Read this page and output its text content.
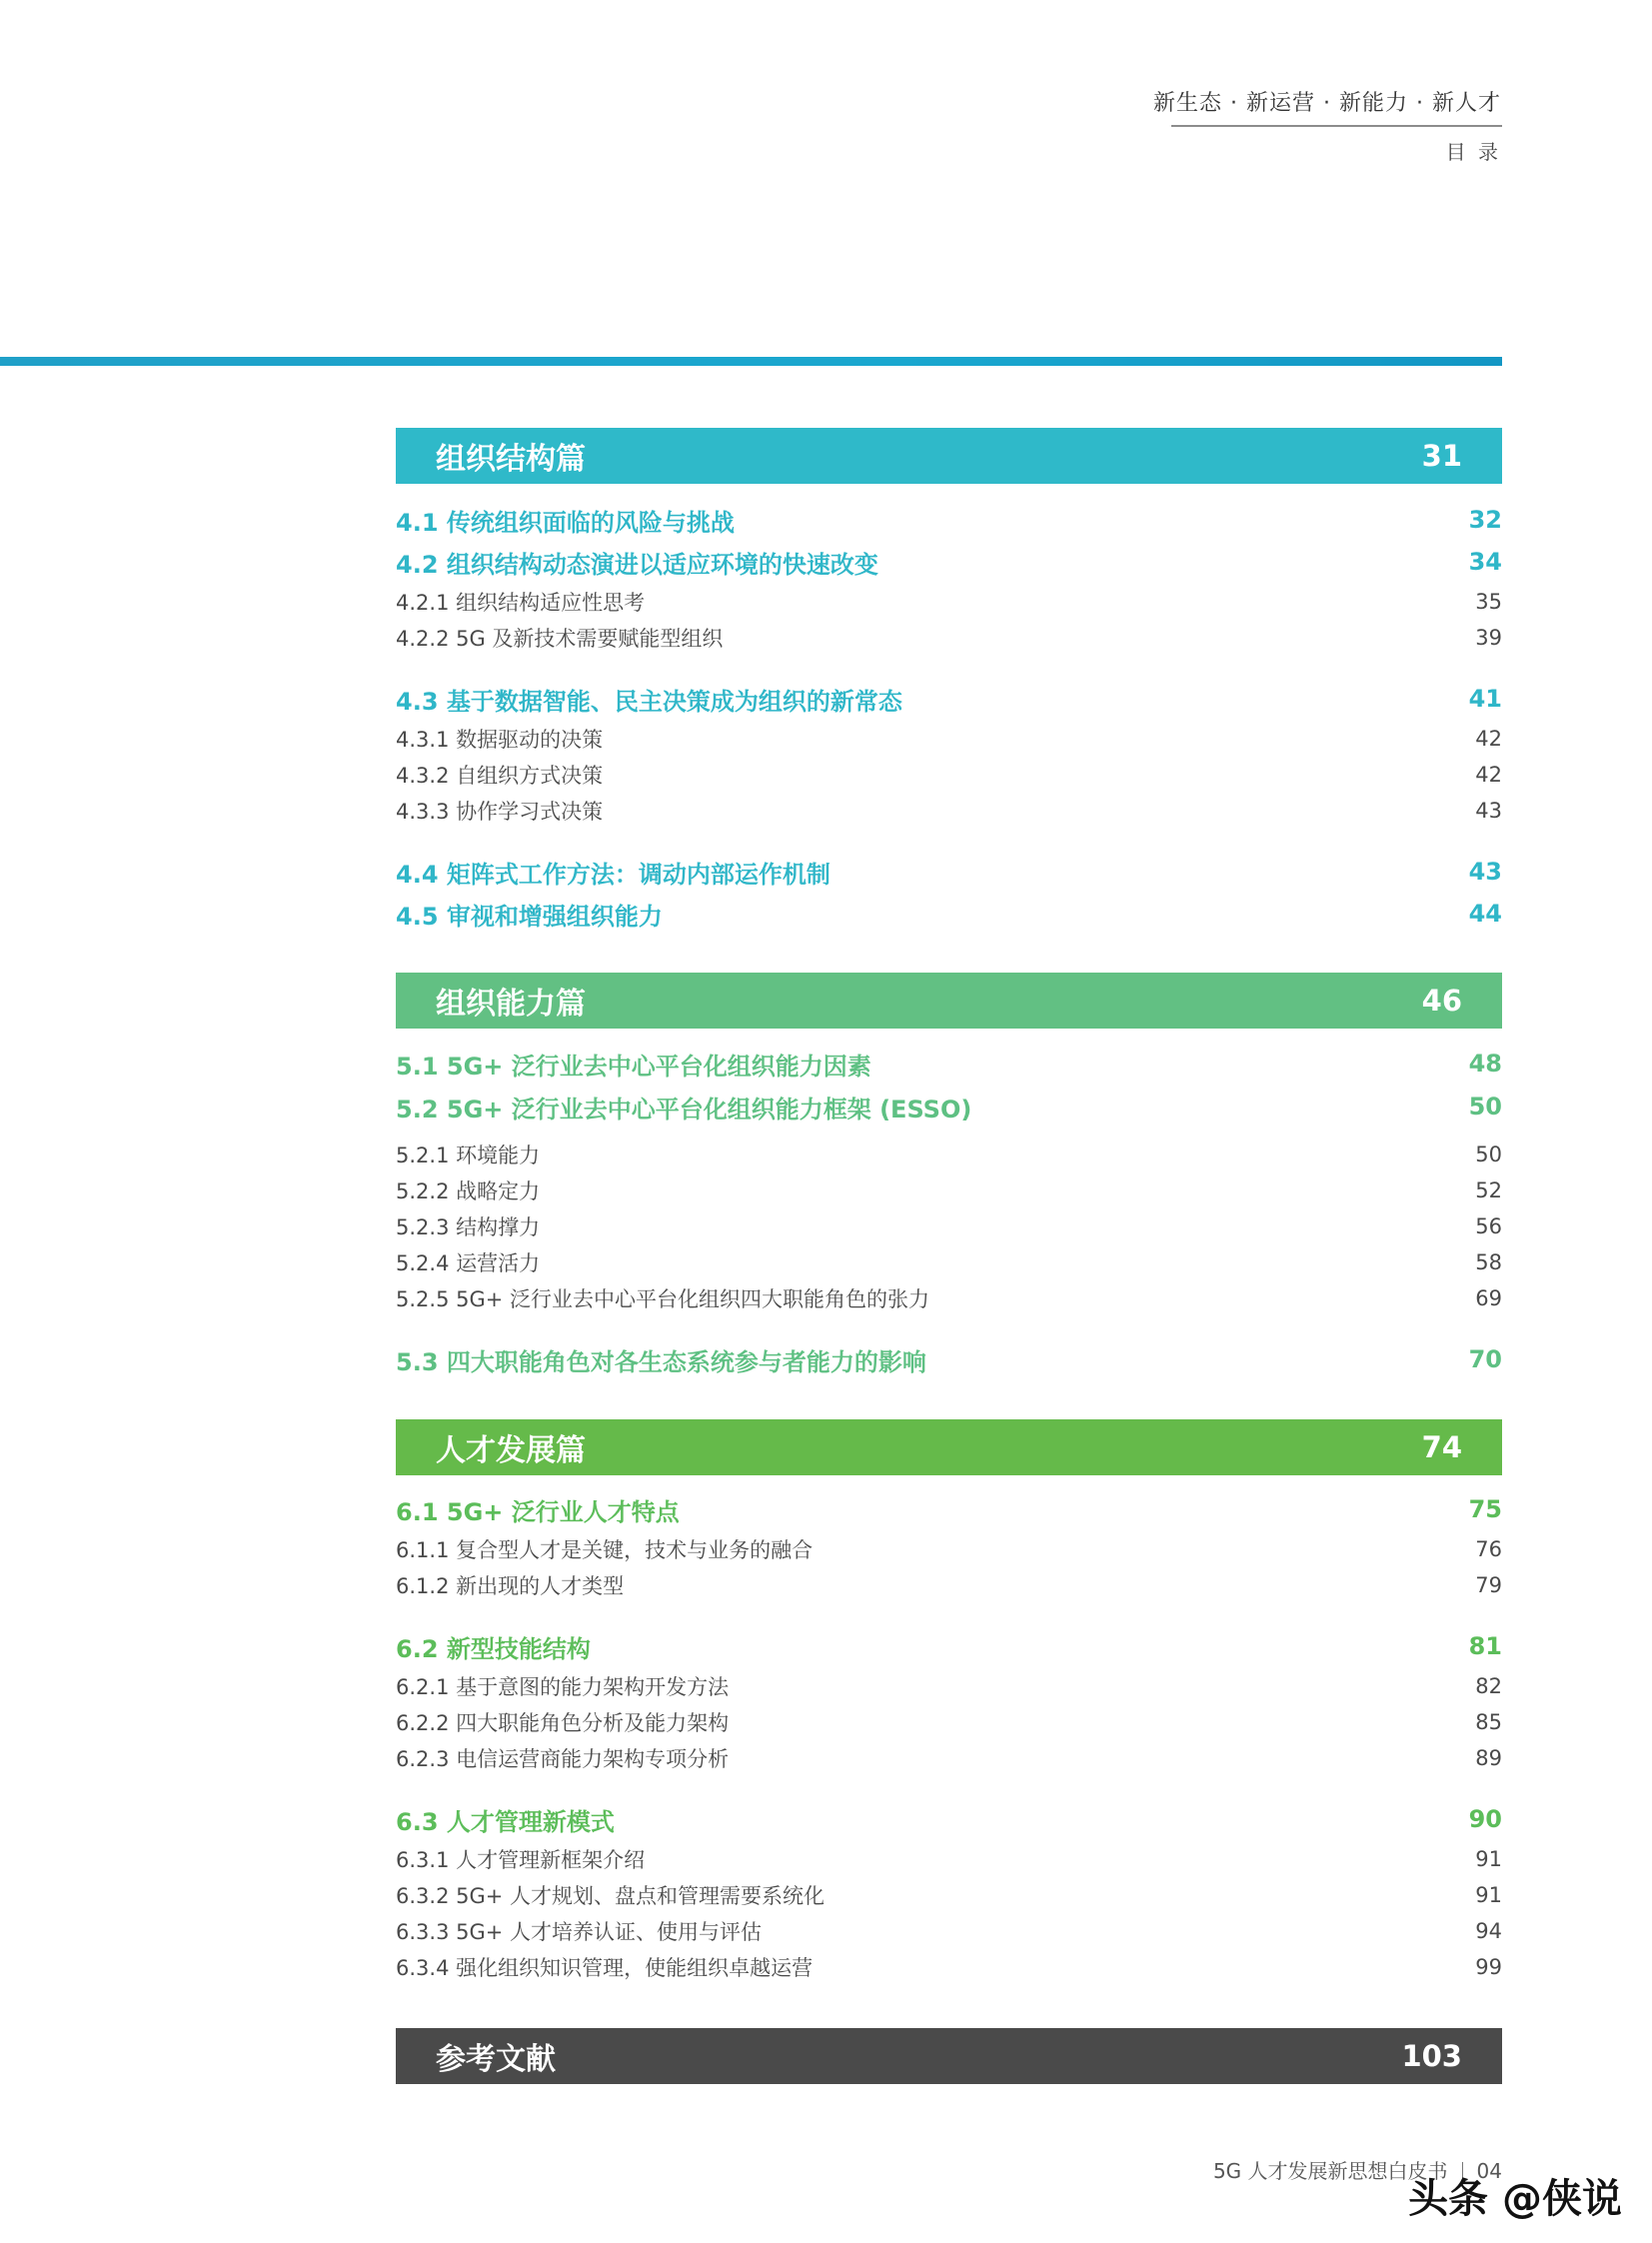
新生态 · 新运营 · 新能力 · 新人才
目 录
组织结构篇	31
4.1 传统组织面临的风险与挑战	32
4.2 组织结构动态演进以适应环境的快速改变	34
4.2.1 组织结构适应性思考	35
4.2.2 5G 及新技术需要赋能型组织	39
4.3 基于数据智能、民主决策成为组织的新常态	41
4.3.1 数据驱动的决策	42
4.3.2 自组织方式决策	42
4.3.3 协作学习式决策	43
4.4 矩阵式工作方法：调动内部运作机制	43
4.5 审视和增强组织能力	44
组织能力篇	46
5.1 5G+ 泛行业去中心平台化组织能力因素	48
5.2 5G+ 泛行业去中心平台化组织能力框架 (ESSO)	50
5.2.1 环境能力	50
5.2.2 战略定力	52
5.2.3 结构撑力	56
5.2.4 运营活力	58
5.2.5 5G+ 泛行业去中心平台化组织四大职能角色的张力	69
5.3 四大职能角色对各生态系统参与者能力的影响	70
人才发展篇	74
6.1 5G+ 泛行业人才特点	75
6.1.1 复合型人才是关键，技术与业务的融合	76
6.1.2 新出现的人才类型	79
6.2 新型技能结构	81
6.2.1 基于意图的能力架构开发方法	82
6.2.2 四大职能角色分析及能力架构	85
6.2.3 电信运营商能力架构专项分析	89
6.3 人才管理新模式	90
6.3.1 人才管理新框架介绍	91
6.3.2 5G+ 人才规划、盘点和管理需要系统化	91
6.3.3 5G+ 人才培养认证、使用与评估	94
6.3.4 强化组织知识管理，使能组织卓越运营	99
参考文献	103
5G 人才发展新思想白皮书 04
头条 @侠说
